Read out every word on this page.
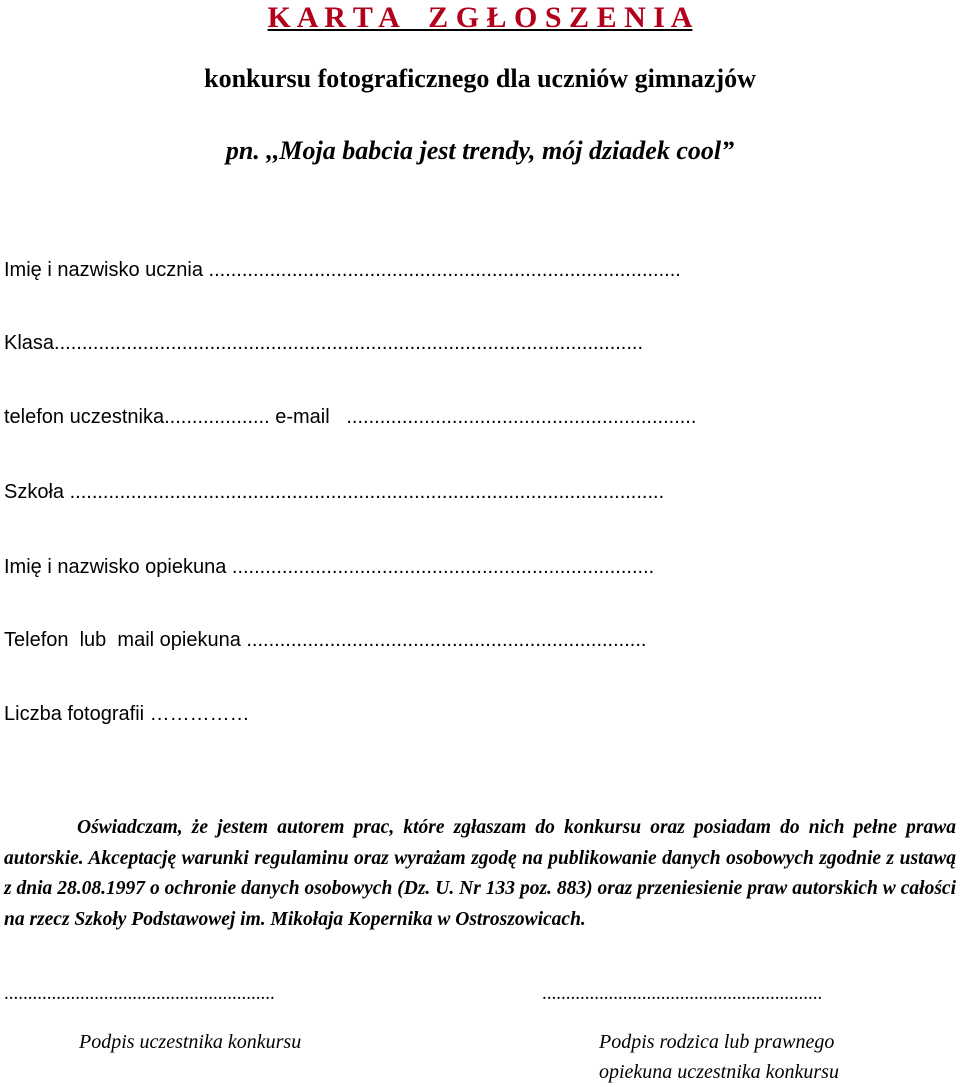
K A R T A    Z G Ł O S Z E N I A
konkursu fotograficznego dla uczniów gimnazjów
pn. ,,Moja babcia jest trendy, mój dziadek cool”
Imię i nazwisko ucznia .....................................................................................
Klasa..........................................................................................................
telefon uczestnika................... e-mail   ...............................................................
Szkoła ...........................................................................................................
Imię i nazwisko opiekuna ............................................................................
Telefon  lub  mail opiekuna ........................................................................
Liczba fotografii ……………

Oświadczam, że jestem autorem prac, które zgłaszam do konkursu oraz posiadam do nich pełne prawa autorskie. Akceptację warunki regulaminu oraz wyrażam zgodę na publikowanie danych osobowych zgodnie z ustawą z dnia 28.08.1997 o ochronie danych osobowych (Dz. U. Nr 133 poz. 883) oraz przeniesienie praw autorskich w całości na rzecz Szkoły Podstawowej im. Mikołaja Kopernika w Ostroszowicach.

.........................................................	...........................................................
Podpis uczestnika konkursu	Podpis rodzica lub prawnego
opiekuna uczestnika konkursu
